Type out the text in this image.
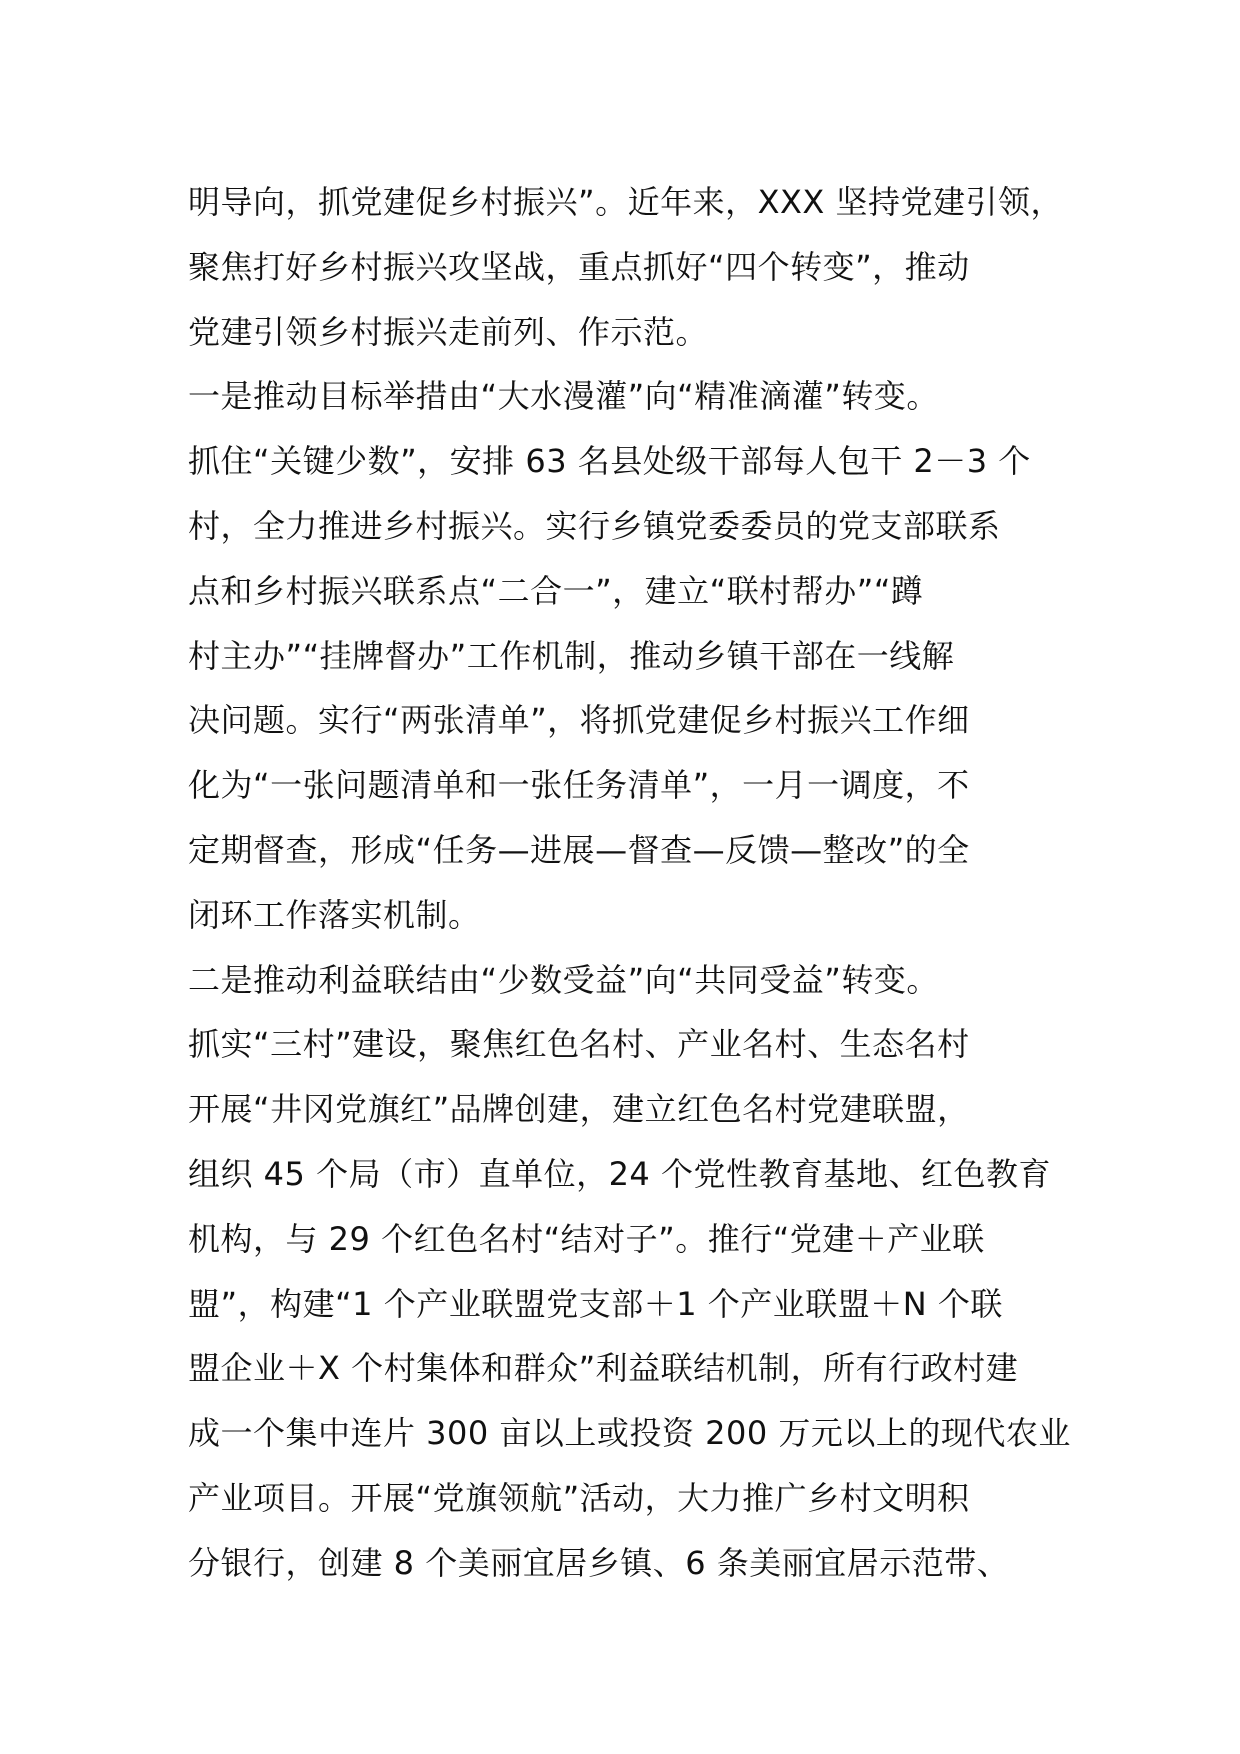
明导向，抓党建促乡村振兴”。近年来，XXX 坚持党建引领，
聚焦打好乡村振兴攻坚战，重点抓好“四个转变”，推动
党建引领乡村振兴走前列、作示范。
一是推动目标举措由“大水漫灌”向“精准滴灌”转变。
抓住“关键少数”，安排 63 名县处级干部每人包干 2－3 个
村，全力推进乡村振兴。实行乡镇党委委员的党支部联系
点和乡村振兴联系点“二合一”，建立“联村帮办”“蹲
村主办”“挂牌督办”工作机制，推动乡镇干部在一线解
决问题。实行“两张清单”，将抓党建促乡村振兴工作细
化为“一张问题清单和一张任务清单”，一月一调度，不
定期督查，形成“任务—进展—督查—反馈—整改”的全
闭环工作落实机制。
二是推动利益联结由“少数受益”向“共同受益”转变。
抓实“三村”建设，聚焦红色名村、产业名村、生态名村
开展“井冈党旗红”品牌创建，建立红色名村党建联盟，
组织 45 个局（市）直单位，24 个党性教育基地、红色教育
机构，与 29 个红色名村“结对子”。推行“党建＋产业联
盟”，构建“1 个产业联盟党支部＋1 个产业联盟＋N 个联
盟企业＋X 个村集体和群众”利益联结机制，所有行政村建
成一个集中连片 300 亩以上或投资 200 万元以上的现代农业
产业项目。开展“党旗领航”活动，大力推广乡村文明积
分银行，创建 8 个美丽宜居乡镇、6 条美丽宜居示范带、
